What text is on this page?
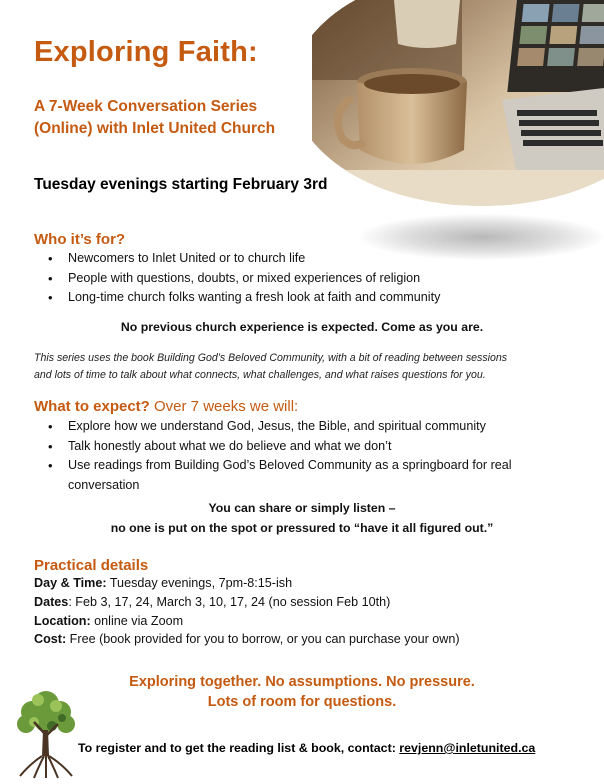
Exploring Faith:
A 7-Week Conversation Series
(Online) with Inlet United Church
Tuesday evenings starting February 3rd
Who it’s for?
• Newcomers to Inlet United or to church life
• People with questions, doubts, or mixed experiences of religion
• Long-time church folks wanting a fresh look at faith and community
No previous church experience is expected. Come as you are.
This series uses the book Building God’s Beloved Community, with a bit of reading between sessions
and lots of time to talk about what connects, what challenges, and what raises questions for you.
What to expect? Over 7 weeks we will:
• Explore how we understand God, Jesus, the Bible, and spiritual community
• Talk honestly about what we do believe and what we don’t
• Use readings from Building God’s Beloved Community as a springboard for real conversation
You can share or simply listen –
no one is put on the spot or pressured to “have it all figured out.”
Practical details
Day & Time: Tuesday evenings, 7pm-8:15-ish
Dates: Feb 3, 17, 24, March 3, 10, 17, 24 (no session Feb 10th)
Location: online via Zoom
Cost: Free (book provided for you to borrow, or you can purchase your own)
Exploring together. No assumptions. No pressure.
Lots of room for questions.
To register and to get the reading list & book, contact: revjenn@inletunited.ca
